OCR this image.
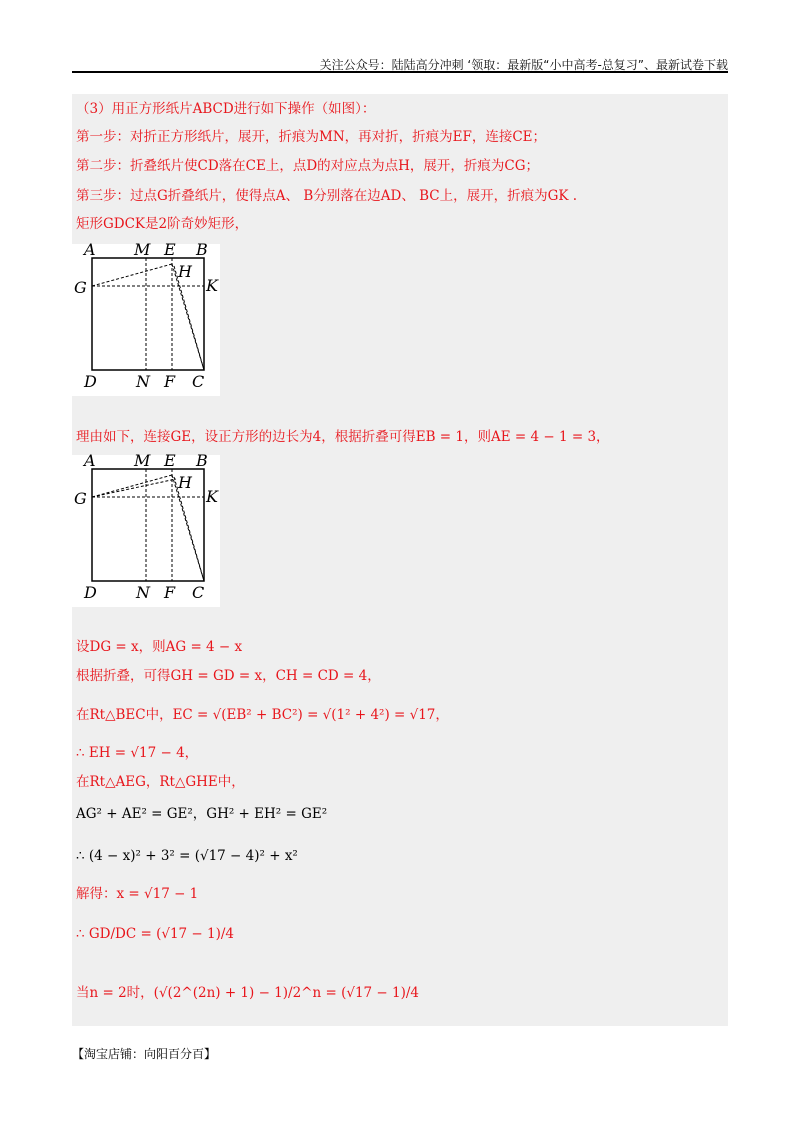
关注公众号：陆陆高分冲刺 ‘领取：最新版“小中高考-总复习”、最新试卷下载
（3）用正方形纸片ABCD进行如下操作（如图）：
第一步：对折正方形纸片，展开，折痕为MN，再对折，折痕为EF，连接CE；
第二步：折叠纸片使CD落在CE上，点D的对应点为点H，展开，折痕为CG；
第三步：过点G折叠纸片，使得点A、 B分别落在边AD、 BC上，展开，折痕为GK .
矩形GDCK是2阶奇妙矩形，
A M E B
G
H
K
D N F C
理由如下，连接GE，设正方形的边长为4，根据折叠可得EB = 1，则AE = 4 − 1 = 3，
A M E B
G
H
K
D N F C
设DG = x，则AG = 4 − x
根据折叠，可得GH = GD = x，CH = CD = 4，
在Rt△BEC中，EC = √(EB² + BC²) = √(1² + 4²) = √17，
∴ EH = √17 − 4，
在Rt△AEG，Rt△GHE中，
AG² + AE² = GE²，GH² + EH² = GE²
∴ (4 − x)² + 3² = (√17 − 4)² + x²
解得：x = √17 − 1
∴ GD/DC = (√17 − 1)/4
当n = 2时，(√(2^(2n) + 1) − 1)/2^n = (√17 − 1)/4
【淘宝店铺：向阳百分百】
